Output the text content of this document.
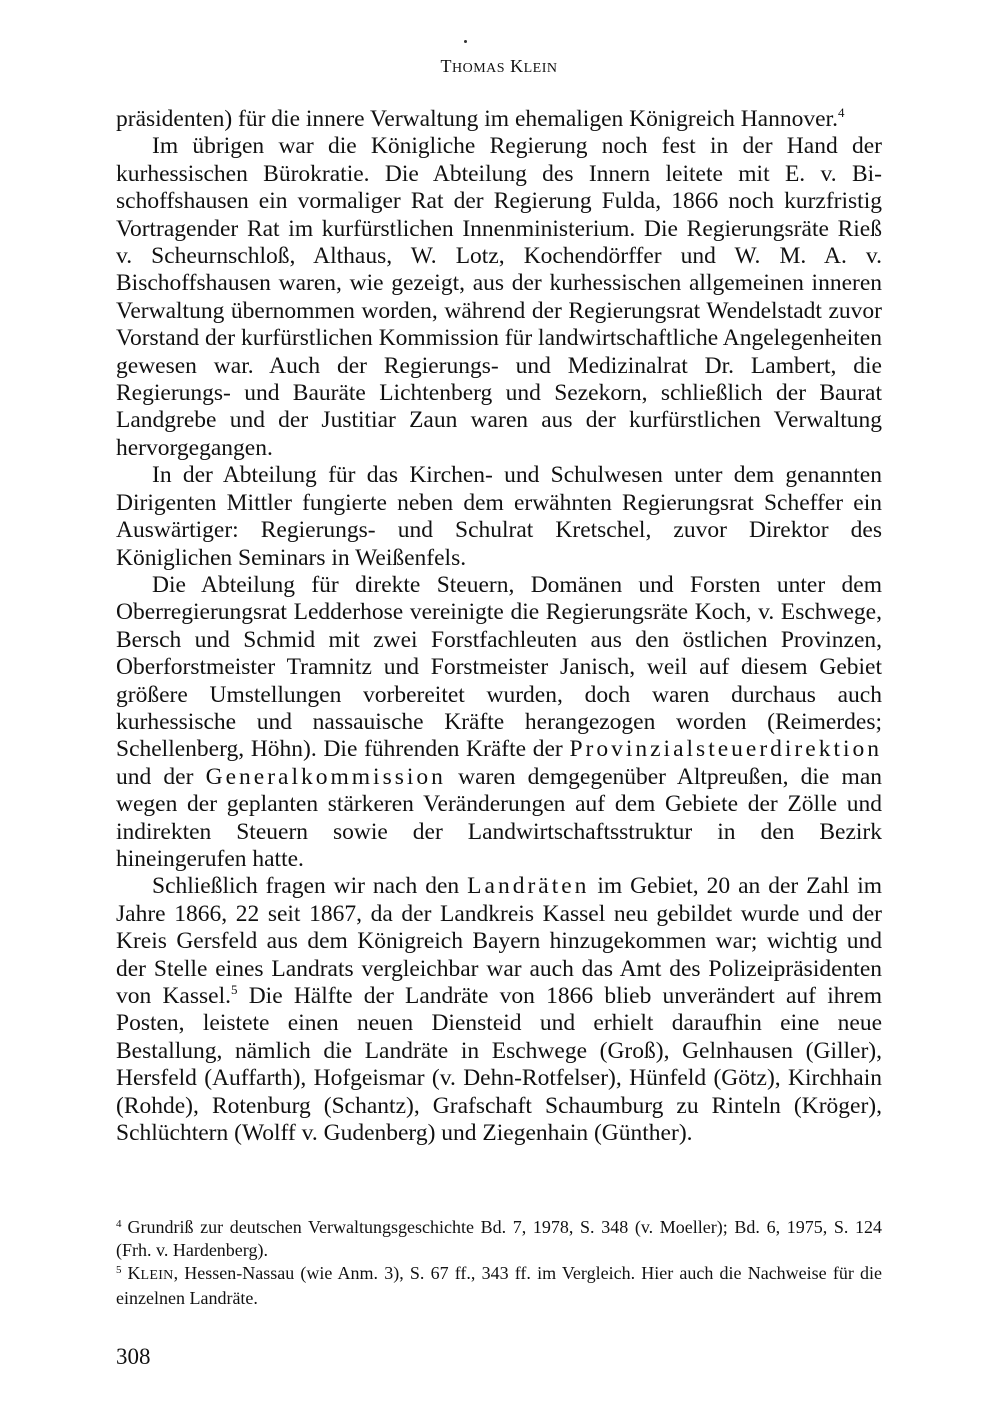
THOMAS KLEIN

präsidenten) für die innere Verwaltung im ehemaligen Königreich Hannover.$^4$

Im übrigen war die Königliche Regierung noch fest in der Hand der kurhessischen Bürokratie. Die Abteilung des Innern leitete mit E. v. Bischoffshausen ein vormaliger Rat der Regierung Fulda, 1866 noch kurzfristig Vortragender Rat im kurfürstlichen Innenministerium. Die Regierungsräte Rieß v. Scheurnschloß, Althaus, W. Lotz, Kochendörffer und W. M. A. v. Bischoffshausen waren, wie gezeigt, aus der kurhessischen allgemeinen inneren Verwaltung übernommen worden, während der Regierungsrat Wendelstadt zuvor Vorstand der kurfürstlichen Kommission für landwirtschaftliche Angelegenheiten gewesen war. Auch der Regierungs- und Medizinalrat Dr. Lambert, die Regierungs- und Bauräte Lichtenberg und Sezekorn, schließlich der Baurat Landgrebe und der Justitiar Zaun waren aus der kurfürstlichen Verwaltung hervorgegangen.

In der Abteilung für das Kirchen- und Schulwesen unter dem genannten Dirigenten Mittler fungierte neben dem erwähnten Regierungsrat Scheffer ein Auswärtiger: Regierungs- und Schulrat Kretschel, zuvor Direktor des Königlichen Seminars in Weißenfels.

Die Abteilung für direkte Steuern, Domänen und Forsten unter dem Oberregierungsrat Ledderhose vereinigte die Regierungsräte Koch, v. Eschwege, Bersch und Schmid mit zwei Forstfachleuten aus den östlichen Provinzen, Oberforstmeister Tramnitz und Forstmeister Janisch, weil auf diesem Gebiet größere Umstellungen vorbereitet wurden, doch waren durchaus auch kurhessische und nassauische Kräfte herangezogen worden (Reimerdes; Schellenberg, Höhn). Die führenden Kräfte der Provinzialsteuerdirektion und der Generalkommission waren demgegenüber Altpreußen, die man wegen der geplanten stärkeren Veränderungen auf dem Gebiete der Zölle und indirekten Steuern sowie der Landwirtschaftsstruktur in den Bezirk hineingerufen hatte.

Schließlich fragen wir nach den Landräten im Gebiet, 20 an der Zahl im Jahre 1866, 22 seit 1867, da der Landkreis Kassel neu gebildet wurde und der Kreis Gersfeld aus dem Königreich Bayern hinzugekommen war; wichtig und der Stelle eines Landrats vergleichbar war auch das Amt des Polizeipräsidenten von Kassel.$^5$ Die Hälfte der Landräte von 1866 blieb unverändert auf ihrem Posten, leistete einen neuen Diensteid und erhielt daraufhin eine neue Bestallung, nämlich die Landräte in Eschwege (Groß), Gelnhausen (Giller), Hersfeld (Auffarth), Hofgeismar (v. Dehn-Rotfelser), Hünfeld (Götz), Kirchhain (Rohde), Rotenburg (Schantz), Grafschaft Schaumburg zu Rinteln (Kröger), Schlüchtern (Wolff v. Gudenberg) und Ziegenhain (Günther).

$^4$ Grundriß zur deutschen Verwaltungsgeschichte Bd. 7, 1978, S. 348 (v. Moeller); Bd. 6, 1975, S. 124 (Frh. v. Hardenberg).

$^5$ KLEIN, Hessen-Nassau (wie Anm. 3), S. 67 ff., 343 ff. im Vergleich. Hier auch die Nachweise für die einzelnen Landräte.

308
